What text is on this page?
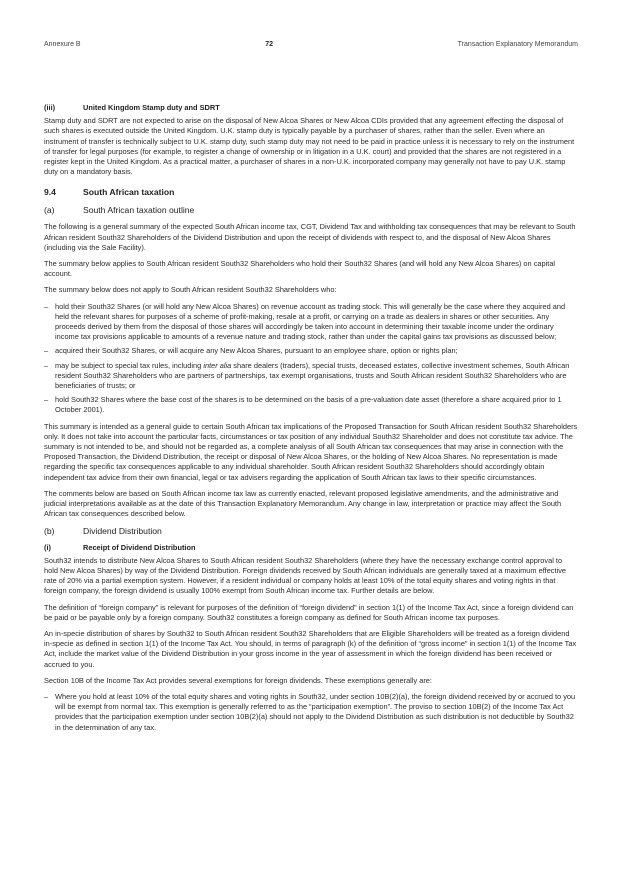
Annexure B	72	Transaction Explanatory Memorandum
(iii)	United Kingdom Stamp duty and SDRT

Stamp duty and SDRT are not expected to arise on the disposal of New Alcoa Shares or New Alcoa CDIs provided that any agreement effecting the disposal of such shares is executed outside the United Kingdom. U.K. stamp duty is typically payable by a purchaser of shares, rather than the seller. Even where an instrument of transfer is technically subject to U.K. stamp duty, such stamp duty may not need to be paid in practice unless it is necessary to rely on the instrument of transfer for legal purposes (for example, to register a change of ownership or in litigation in a U.K. court) and provided that the shares are not registered in a register kept in the United Kingdom. As a practical matter, a purchaser of shares in a non-U.K. incorporated company may generally not have to pay U.K. stamp duty on a mandatory basis.

9.4	South African taxation
(a)	South African taxation outline

The following is a general summary of the expected South African income tax, CGT, Dividend Tax and withholding tax consequences that may be relevant to South African resident South32 Shareholders of the Dividend Distribution and upon the receipt of dividends with respect to, and the disposal of New Alcoa Shares (including via the Sale Facility).

The summary below applies to South African resident South32 Shareholders who hold their South32 Shares (and will hold any New Alcoa Shares) on capital account.

The summary below does not apply to South African resident South32 Shareholders who:

– hold their South32 Shares (or will hold any New Alcoa Shares) on revenue account as trading stock. This will generally be the case where they acquired and held the relevant shares for purposes of a scheme of profit-making, resale at a profit, or carrying on a trade as dealers in shares or other securities. Any proceeds derived by them from the disposal of those shares will accordingly be taken into account in determining their taxable income under the ordinary income tax provisions applicable to amounts of a revenue nature and trading stock, rather than under the capital gains tax provisions as discussed below;
– acquired their South32 Shares, or will acquire any New Alcoa Shares, pursuant to an employee share, option or rights plan;
– may be subject to special tax rules, including inter alia share dealers (traders), special trusts, deceased estates, collective investment schemes, South African resident South32 Shareholders who are partners of partnerships, tax exempt organisations, trusts and South African resident South32 Shareholders who are beneficiaries of trusts; or
– hold South32 Shares where the base cost of the shares is to be determined on the basis of a pre-valuation date asset (therefore a share acquired prior to 1 October 2001).

This summary is intended as a general guide to certain South African tax implications of the Proposed Transaction for South African resident South32 Shareholders only. It does not take into account the particular facts, circumstances or tax position of any individual South32 Shareholder and does not constitute tax advice. The summary is not intended to be, and should not be regarded as, a complete analysis of all South African tax consequences that may arise in connection with the Proposed Transaction, the Dividend Distribution, the receipt or disposal of New Alcoa Shares, or the holding of New Alcoa Shares. No representation is made regarding the specific tax consequences applicable to any individual shareholder. South African resident South32 Shareholders should accordingly obtain independent tax advice from their own financial, legal or tax advisers regarding the application of South African tax laws to their specific circumstances.

The comments below are based on South African income tax law as currently enacted, relevant proposed legislative amendments, and the administrative and judicial interpretations available as at the date of this Transaction Explanatory Memorandum. Any change in law, interpretation or practice may affect the South African tax consequences described below.

(b)	Dividend Distribution
(i)	Receipt of Dividend Distribution

South32 intends to distribute New Alcoa Shares to South African resident South32 Shareholders (where they have the necessary exchange control approval to hold New Alcoa Shares) by way of the Dividend Distribution. Foreign dividends received by South African individuals are generally taxed at a maximum effective rate of 20% via a partial exemption system. However, if a resident individual or company holds at least 10% of the total equity shares and voting rights in that foreign company, the foreign dividend is usually 100% exempt from South African income tax. Further details are below.

The definition of “foreign company” is relevant for purposes of the definition of “foreign dividend” in section 1(1) of the Income Tax Act, since a foreign dividend can be paid or be payable only by a foreign company. South32 constitutes a foreign company as defined for South African income tax purposes.

An in-specie distribution of shares by South32 to South African resident South32 Shareholders that are Eligible Shareholders will be treated as a foreign dividend in-specie as defined in section 1(1) of the Income Tax Act. You should, in terms of paragraph (k) of the definition of “gross income” in section 1(1) of the Income Tax Act, include the market value of the Dividend Distribution in your gross income in the year of assessment in which the foreign dividend has been received or accrued to you.

Section 10B of the Income Tax Act provides several exemptions for foreign dividends. These exemptions generally are:

– Where you hold at least 10% of the total equity shares and voting rights in South32, under section 10B(2)(a), the foreign dividend received by or accrued to you will be exempt from normal tax. This exemption is generally referred to as the “participation exemption”. The proviso to section 10B(2) of the Income Tax Act provides that the participation exemption under section 10B(2)(a) should not apply to the Dividend Distribution as such distribution is not deductible by South32 in the determination of any tax.
